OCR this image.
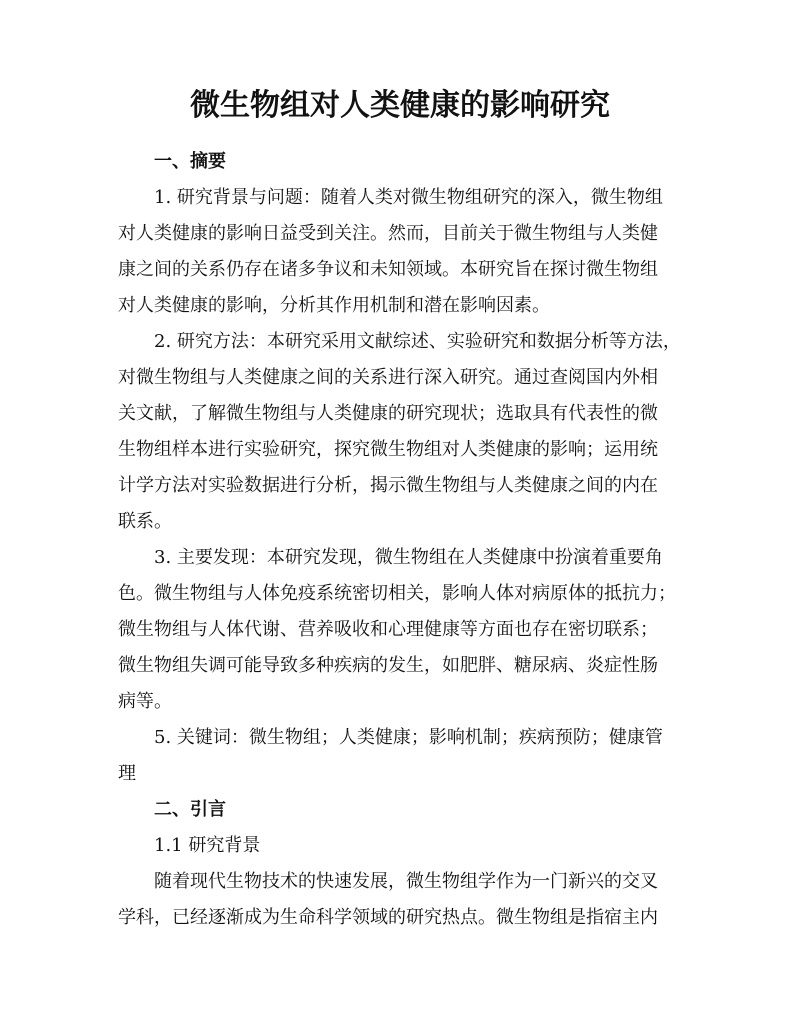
微生物组对人类健康的影响研究
一、摘要

1. 研究背景与问题：随着人类对微生物组研究的深入，微生物组

对人类健康的影响日益受到关注。然而，目前关于微生物组与人类健

康之间的关系仍存在诸多争议和未知领域。本研究旨在探讨微生物组

对人类健康的影响，分析其作用机制和潜在影响因素。

2. 研究方法：本研究采用文献综述、实验研究和数据分析等方法，

对微生物组与人类健康之间的关系进行深入研究。通过查阅国内外相

关文献，了解微生物组与人类健康的研究现状；选取具有代表性的微

生物组样本进行实验研究，探究微生物组对人类健康的影响；运用统

计学方法对实验数据进行分析，揭示微生物组与人类健康之间的内在

联系。

3. 主要发现：本研究发现，微生物组在人类健康中扮演着重要角

色。微生物组与人体免疫系统密切相关，影响人体对病原体的抵抗力；

微生物组与人体代谢、营养吸收和心理健康等方面也存在密切联系；

微生物组失调可能导致多种疾病的发生，如肥胖、糖尿病、炎症性肠

病等。

5. 关键词：微生物组；人类健康；影响机制；疾病预防；健康管

理

二、引言

1.1 研究背景

随着现代生物技术的快速发展，微生物组学作为一门新兴的交叉

学科，已经逐渐成为生命科学领域的研究热点。微生物组是指宿主内
